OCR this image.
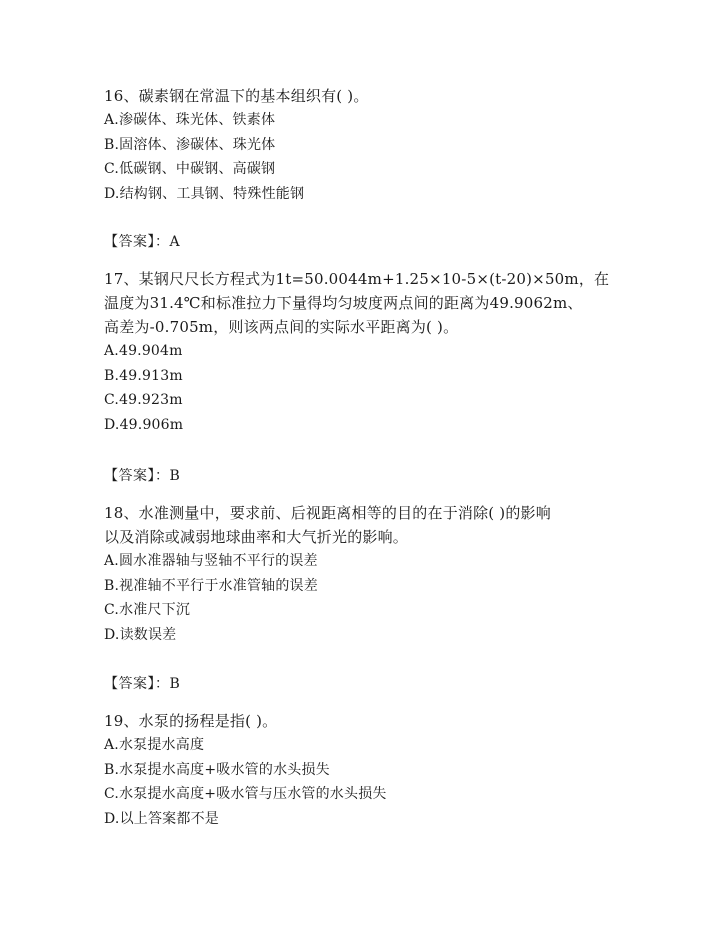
16、碳素钢在常温下的基本组织有( )。

A.渗碳体、珠光体、铁素体

B.固溶体、渗碳体、珠光体

C.低碳钢、中碳钢、高碳钢

D.结构钢、工具钢、特殊性能钢

【答案】：A

17、某钢尺尺长方程式为1t=50.0044m+1.25×10-5×(t-20)×50m，在

温度为31.4℃和标准拉力下量得均匀坡度两点间的距离为49.9062m、

高差为-0.705m，则该两点间的实际水平距离为( )。

A.49.904m

B.49.913m

C.49.923m

D.49.906m

【答案】：B

18、水准测量中，要求前、后视距离相等的目的在于消除( )的影响

以及消除或减弱地球曲率和大气折光的影响。

A.圆水准器轴与竖轴不平行的误差

B.视准轴不平行于水准管轴的误差

C.水准尺下沉

D.读数误差

【答案】：B

19、水泵的扬程是指( )。

A.水泵提水高度

B.水泵提水高度+吸水管的水头损失

C.水泵提水高度+吸水管与压水管的水头损失

D.以上答案都不是
